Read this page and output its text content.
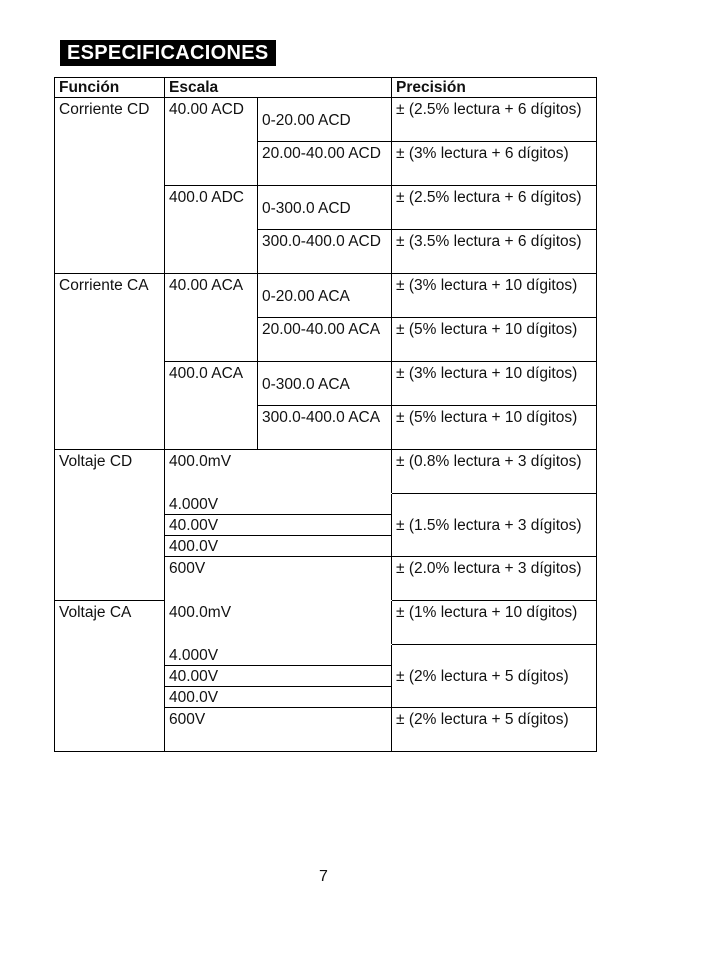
ESPECIFICACIONES
Función	Escala		Precisión
Corriente CD	40.00 ACD	0-20.00 ACD	± (2.5% lectura + 6 dígitos)
		20.00-40.00 ACD	± (3% lectura + 6 dígitos)
	400.0 ADC	0-300.0 ACD	± (2.5% lectura + 6 dígitos)
		300.0-400.0 ACD	± (3.5% lectura + 6 dígitos)
Corriente CA	40.00 ACA	0-20.00 ACA	± (3% lectura + 10 dígitos)
		20.00-40.00 ACA	± (5% lectura + 10 dígitos)
	400.0 ACA	0-300.0 ACA	± (3% lectura + 10 dígitos)
		300.0-400.0 ACA	± (5% lectura + 10 dígitos)
Voltaje CD	400.0mV		± (0.8% lectura + 3 dígitos)
	4.000V		± (1.5% lectura + 3 dígitos)
	40.00V		
	400.0V		
	600V		± (2.0% lectura + 3 dígitos)
Voltaje CA	400.0mV		± (1% lectura + 10 dígitos)
	4.000V		± (2% lectura + 5 dígitos)
	40.00V		
	400.0V		
	600V		± (2% lectura + 5 dígitos)
7
